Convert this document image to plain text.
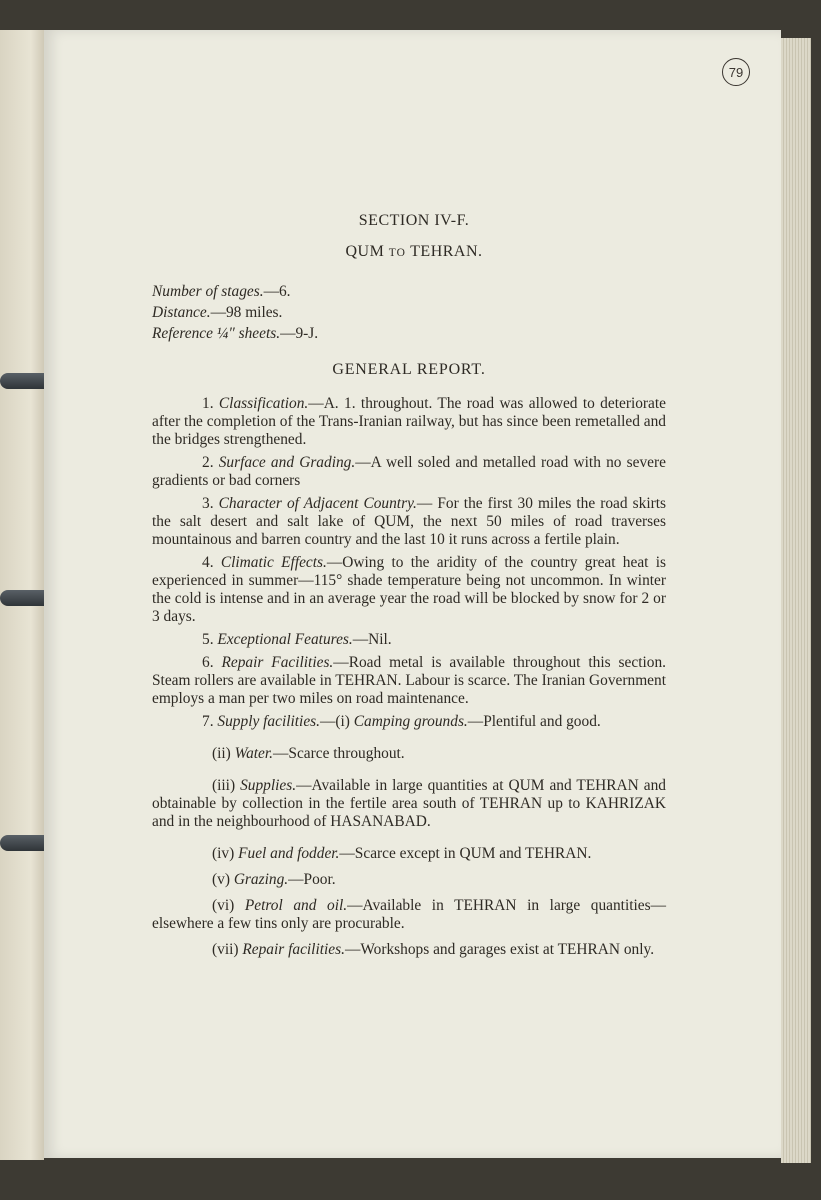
79
SECTION IV-F.
QUM TO TEHRAN.
Number of stages.—6.
Distance.—98 miles.
Reference ¼″ sheets.—9-J.
GENERAL REPORT.

1. Classification.—A. 1. throughout. The road was allowed to deteriorate after the completion of the Trans-Iranian railway, but has since been remetalled and the bridges strengthened.

2. Surface and Grading.—A well soled and metalled road with no severe gradients or bad corners

3. Character of Adjacent Country.— For the first 30 miles the road skirts the salt desert and salt lake of QUM, the next 50 miles of road traverses mountainous and barren country and the last 10 it runs across a fertile plain.

4. Climatic Effects.—Owing to the aridity of the country great heat is experienced in summer—115° shade temperature being not uncommon. In winter the cold is intense and in an average year the road will be blocked by snow for 2 or 3 days.

5. Exceptional Features.—Nil.

6. Repair Facilities.—Road metal is available throughout this section. Steam rollers are available in TEHRAN. Labour is scarce. The Iranian Government employs a man per two miles on road maintenance.

7. Supply facilities.—(i) Camping grounds.—Plentiful and good.

(ii) Water.—Scarce throughout.

(iii) Supplies.—Available in large quantities at QUM and TEHRAN and obtainable by collection in the fertile area south of TEHRAN up to KAHRIZAK and in the neighbourhood of HASANABAD.

(iv) Fuel and fodder.—Scarce except in QUM and TEHRAN.

(v) Grazing.—Poor.

(vi) Petrol and oil.—Available in TEHRAN in large quantities—elsewhere a few tins only are procurable.

(vii) Repair facilities.—Workshops and garages exist at TEHRAN only.
